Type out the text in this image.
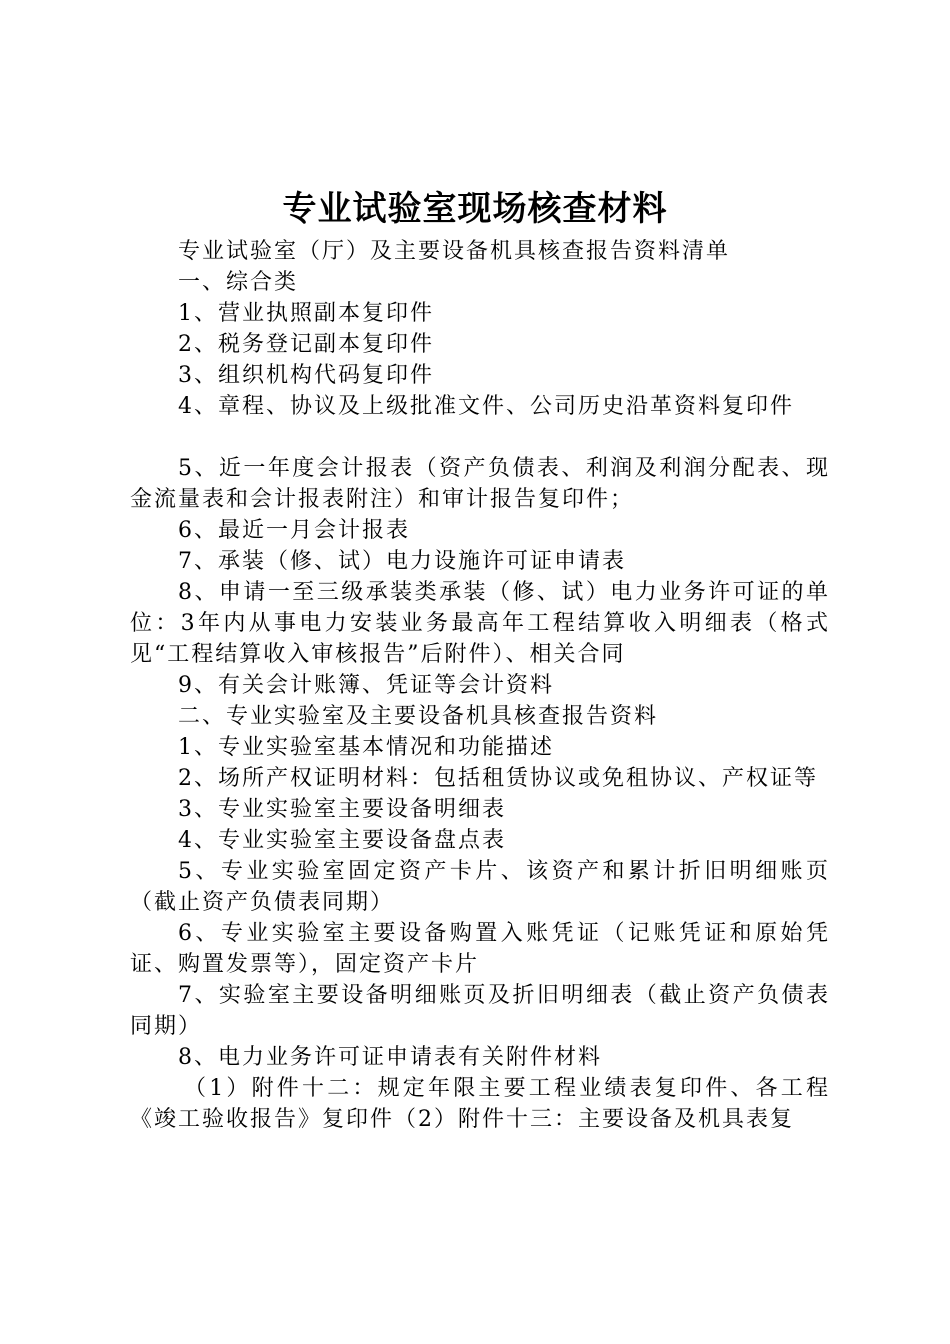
专业试验室现场核查材料

专业试验室（厅）及主要设备机具核查报告资料清单

一、综合类

1、营业执照副本复印件

2、税务登记副本复印件

3、组织机构代码复印件

4、章程、协议及上级批准文件、公司历史沿革资料复印件

5、近一年度会计报表（资产负债表、利润及利润分配表、现金流量表和会计报表附注）和审计报告复印件；

6、最近一月会计报表

7、承装（修、试）电力设施许可证申请表

8、申请一至三级承装类承装（修、试）电力业务许可证的单位：3年内从事电力安装业务最高年工程结算收入明细表（格式见“工程结算收入审核报告”后附件）、相关合同

9、有关会计账簿、凭证等会计资料

二、专业实验室及主要设备机具核查报告资料

1、专业实验室基本情况和功能描述

2、场所产权证明材料：包括租赁协议或免租协议、产权证等

3、专业实验室主要设备明细表

4、专业实验室主要设备盘点表

5、专业实验室固定资产卡片、该资产和累计折旧明细账页（截止资产负债表同期）

6、专业实验室主要设备购置入账凭证（记账凭证和原始凭证、购置发票等），固定资产卡片

7、实验室主要设备明细账页及折旧明细表（截止资产负债表同期）

8、电力业务许可证申请表有关附件材料

（1）附件十二：规定年限主要工程业绩表复印件、各工程《竣工验收报告》复印件（2）附件十三：主要设备及机具表复
